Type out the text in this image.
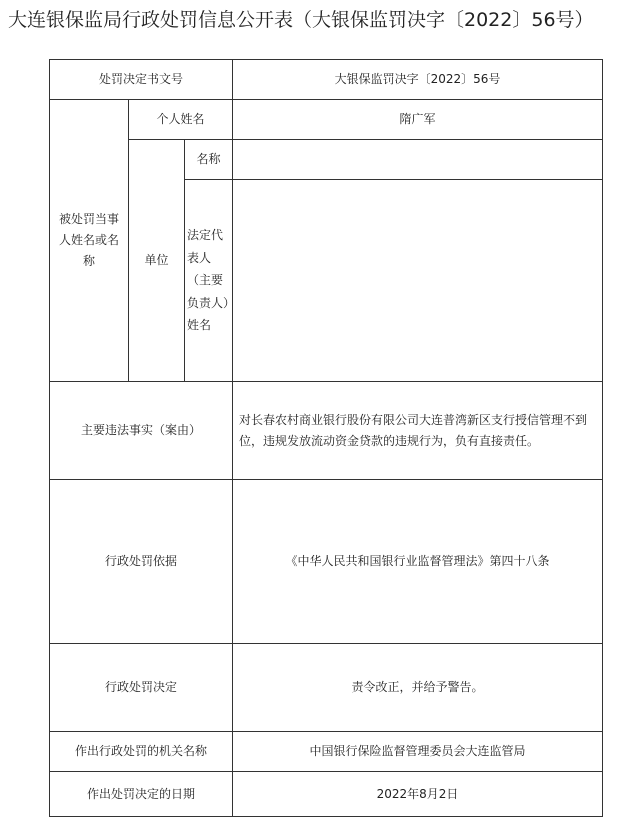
大连银保监局行政处罚信息公开表（大银保监罚决字〔2022〕56号）
处罚决定书文号			大银保监罚决字〔2022〕56号
被处罚当事人姓名或名称	个人姓名		隋广军
	单位	名称	
		法定代表人（主要负责人）姓名	
主要违法事实（案由）			对长春农村商业银行股份有限公司大连普湾新区支行授信管理不到位，违规发放流动资金贷款的违规行为，负有直接责任。
行政处罚依据			《中华人民共和国银行业监督管理法》第四十八条
行政处罚决定			责令改正，并给予警告。
作出行政处罚的机关名称			中国银行保险监督管理委员会大连监管局
作出处罚决定的日期			2022年8月2日
